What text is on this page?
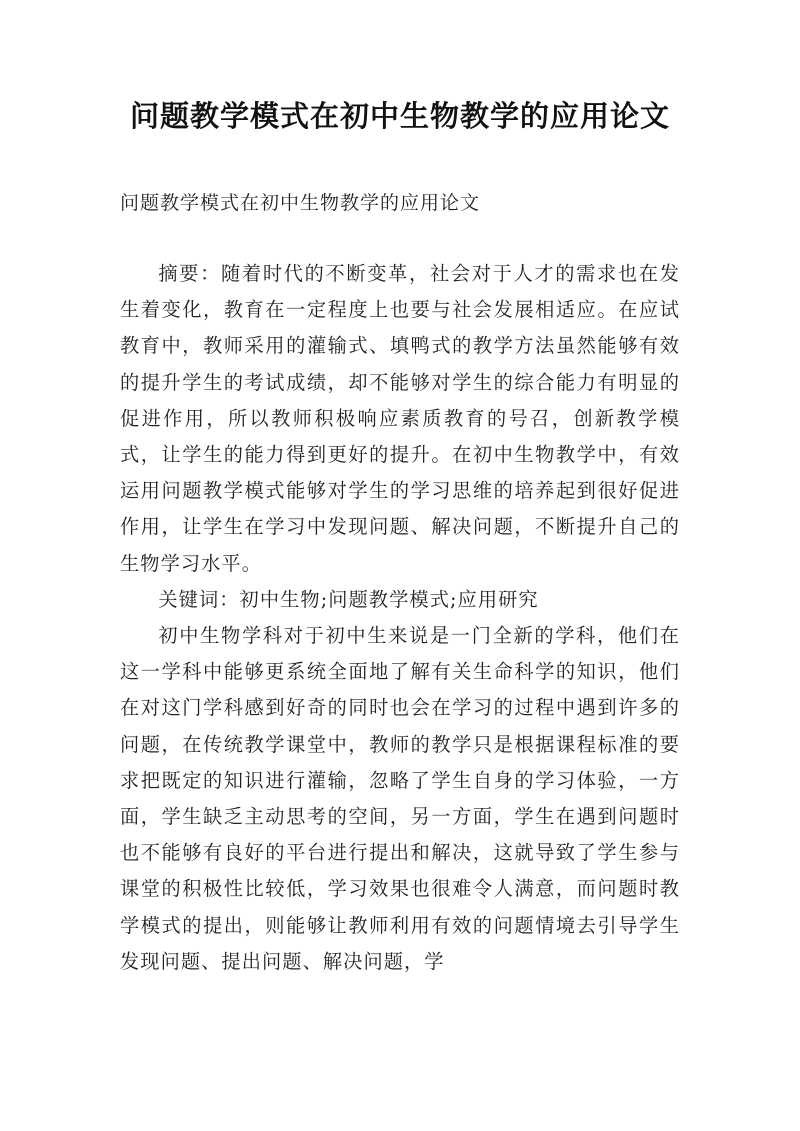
问题教学模式在初中生物教学的应用论文
问题教学模式在初中生物教学的应用论文

摘要：随着时代的不断变革，社会对于人才的需求也在发生着变化，教育在一定程度上也要与社会发展相适应。在应试教育中，教师采用的灌输式、填鸭式的教学方法虽然能够有效的提升学生的考试成绩，却不能够对学生的综合能力有明显的促进作用，所以教师积极响应素质教育的号召，创新教学模式，让学生的能力得到更好的提升。在初中生物教学中，有效运用问题教学模式能够对学生的学习思维的培养起到很好促进作用，让学生在学习中发现问题、解决问题，不断提升自己的生物学习水平。

关键词：初中生物;问题教学模式;应用研究

初中生物学科对于初中生来说是一门全新的学科，他们在这一学科中能够更系统全面地了解有关生命科学的知识，他们在对这门学科感到好奇的同时也会在学习的过程中遇到许多的问题，在传统教学课堂中，教师的教学只是根据课程标准的要求把既定的知识进行灌输，忽略了学生自身的学习体验，一方面，学生缺乏主动思考的空间，另一方面，学生在遇到问题时也不能够有良好的平台进行提出和解决，这就导致了学生参与课堂的积极性比较低，学习效果也很难令人满意，而问题时教学模式的提出，则能够让教师利用有效的问题情境去引导学生发现问题、提出问题、解决问题，学
